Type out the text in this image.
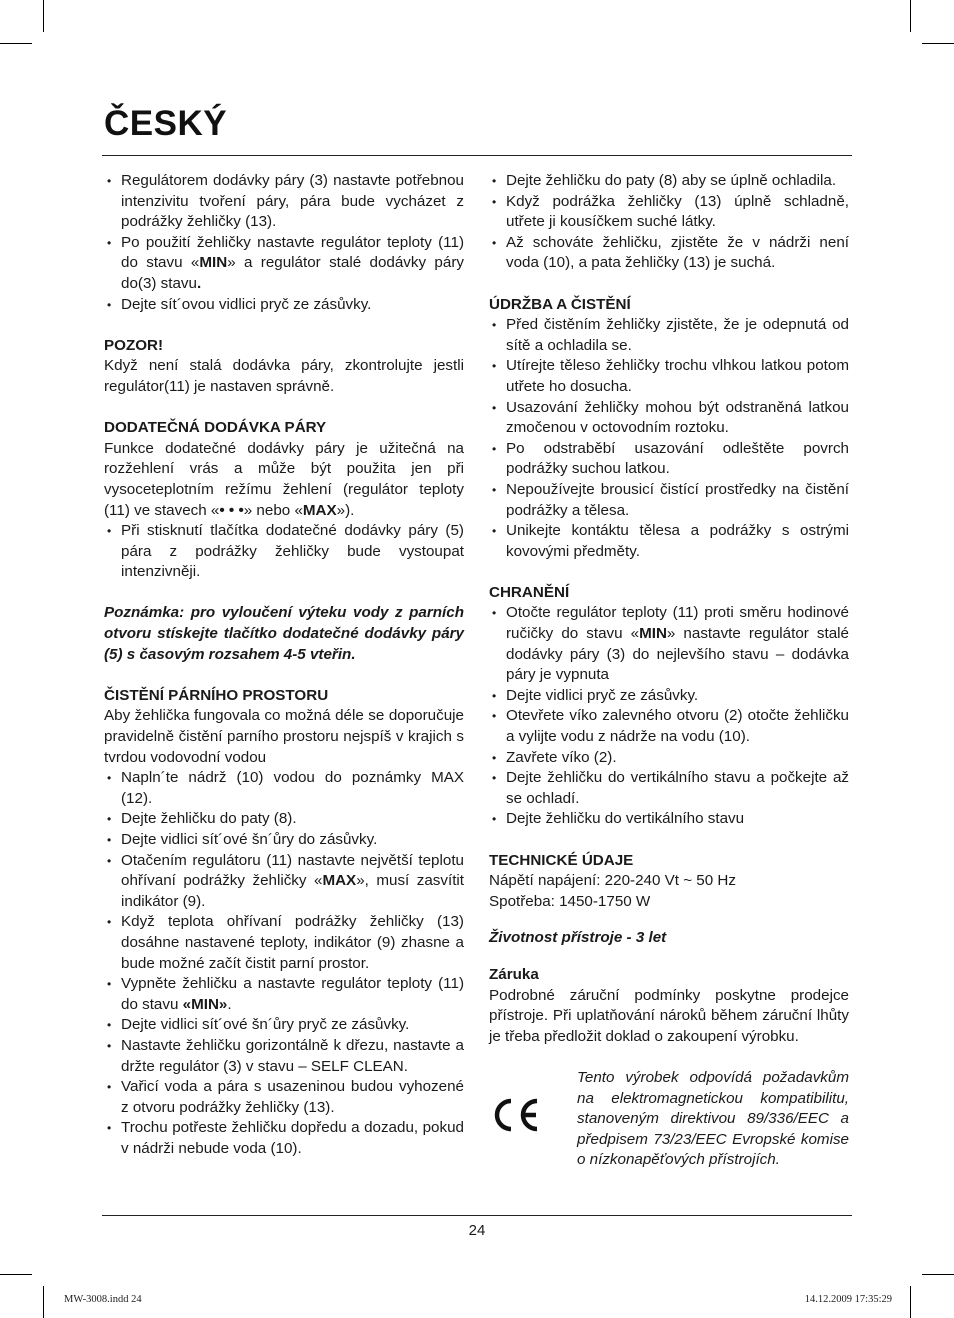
ČESKÝ
• Regulátorem dodávky páry (3) nastavte potřebnou intenzivitu tvoření páry, pára bude vycházet z podrážky žehličky (13).
• Po použití žehličky nastavte regulátor teploty (11) do stavu «MIN» a regulátor stalé dodávky páry do(3) stavu.
• Dejte sít´ovou vidlici pryč ze zásůvky.

POZOR!

Když není stalá dodávka páry, zkontrolujte jestli regulátor(11) je nastaven správně.

DODATEČNÁ DODÁVKA PÁRY

Funkce dodatečné dodávky páry je užitečná na rozžehlení vrás a může být použita jen při vysoceteplotním režímu žehlení (regulátor teploty (11) ve stavech «• • •» nebo «MAX»).

• Při stisknutí tlačítka dodatečné dodávky páry (5) pára z podrážky žehličky bude vystoupat intenzivněji.

Poznámka: pro vyloučení výteku vody z parních otvoru stískejte tlačítko dodatečné dodávky páry (5) s časovým rozsahem 4-5 vteřin.

ČISTĚNÍ PÁRNÍHO PROSTORU

Aby žehlička fungovala co možná déle se doporučuje pravidelně čistění parního prostoru nejspíš v krajich s tvrdou vodovodní vodou

• Napln´te nádrž (10) vodou do poznámky MAX (12).
• Dejte žehličku do paty (8).
• Dejte vidlici sít´ové šn´ůry do zásůvky.
• Otačením regulátoru (11) nastavte největší teplotu ohřívaní podrážky žehličky «MAX», musí zasvítit indikátor (9).
• Když teplota ohřívaní podrážky žehličky (13) dosáhne nastavené teploty, indikátor (9) zhasne a bude možné začít čistit parní prostor.
• Vypněte žehličku a nastavte regulátor teploty (11) do stavu «MIN».
• Dejte vidlici sít´ové šn´ůry pryč ze zásůvky.
• Nastavte žehličku gorizontálně k dřezu, nastavte a držte regulátor (3) v stavu – SELF CLEAN.
• Vařicí voda a pára s usazeninou budou vyhozené z otvoru podrážky žehličky (13).
• Trochu potřeste žehličku dopředu a dozadu, pokud v nádrži nebude voda (10).
• Dejte žehličku do paty (8) aby se úplně ochladila.
• Když podrážka žehličky (13) úplně schladně, utřete ji kousíčkem suché látky.
• Až schováte žehličku, zjistěte že v nádrži není voda (10), a pata žehličky (13) je suchá.

ÚDRŽBA A ČISTĚNÍ

• Před čistěním žehličky zjistěte, že je odepnutá od sítě a ochladila se.
• Utírejte těleso žehličky trochu vlhkou latkou potom utřete ho dosucha.
• Usazování žehličky mohou být odstraněná latkou zmočenou v octovodním roztoku.
• Po odstraběbí usazování odleštěte povrch podrážky suchou latkou.
• Nepoužívejte brousicí čistící prostředky na čistění podrážky a tělesa.
• Unikejte kontáktu tělesa a podrážky s ostrými kovovými předměty.

CHRANĚNÍ

• Otočte regulátor teploty (11) proti směru hodinové ručičky do stavu «MIN» nastavte regulátor stalé dodávky páry (3) do nejlevšího stavu – dodávka páry je vypnuta
• Dejte vidlici pryč ze zásůvky.
• Otevřete víko zalevného otvoru (2) otočte žehličku a vylijte vodu z nádrže na vodu (10).
• Zavřete víko (2).
• Dejte žehličku do vertikálního stavu a počkejte až se ochladí.
• Dejte žehličku do vertikálního stavu

TECHNICKÉ ÚDAJE

Nápětí napájení: 220-240 Vt ~ 50 Hz

Spotřeba: 1450-1750 W

Životnost přístroje - 3 let

Záruka

Podrobné záruční podmínky poskytne prodejce přístroje. Při uplatňování nároků během záruční lhůty je třeba předložit doklad o zakoupení výrobku.

Tento výrobek odpovídá požadavkům na elektromagnetickou kompatibilitu, stanoveným direktivou 89/336/EEC a předpisem 73/23/EEC Evropské komise o nízkonapěťových přístrojích.
24
MW-3008.indd 24	14.12.2009 17:35:29
